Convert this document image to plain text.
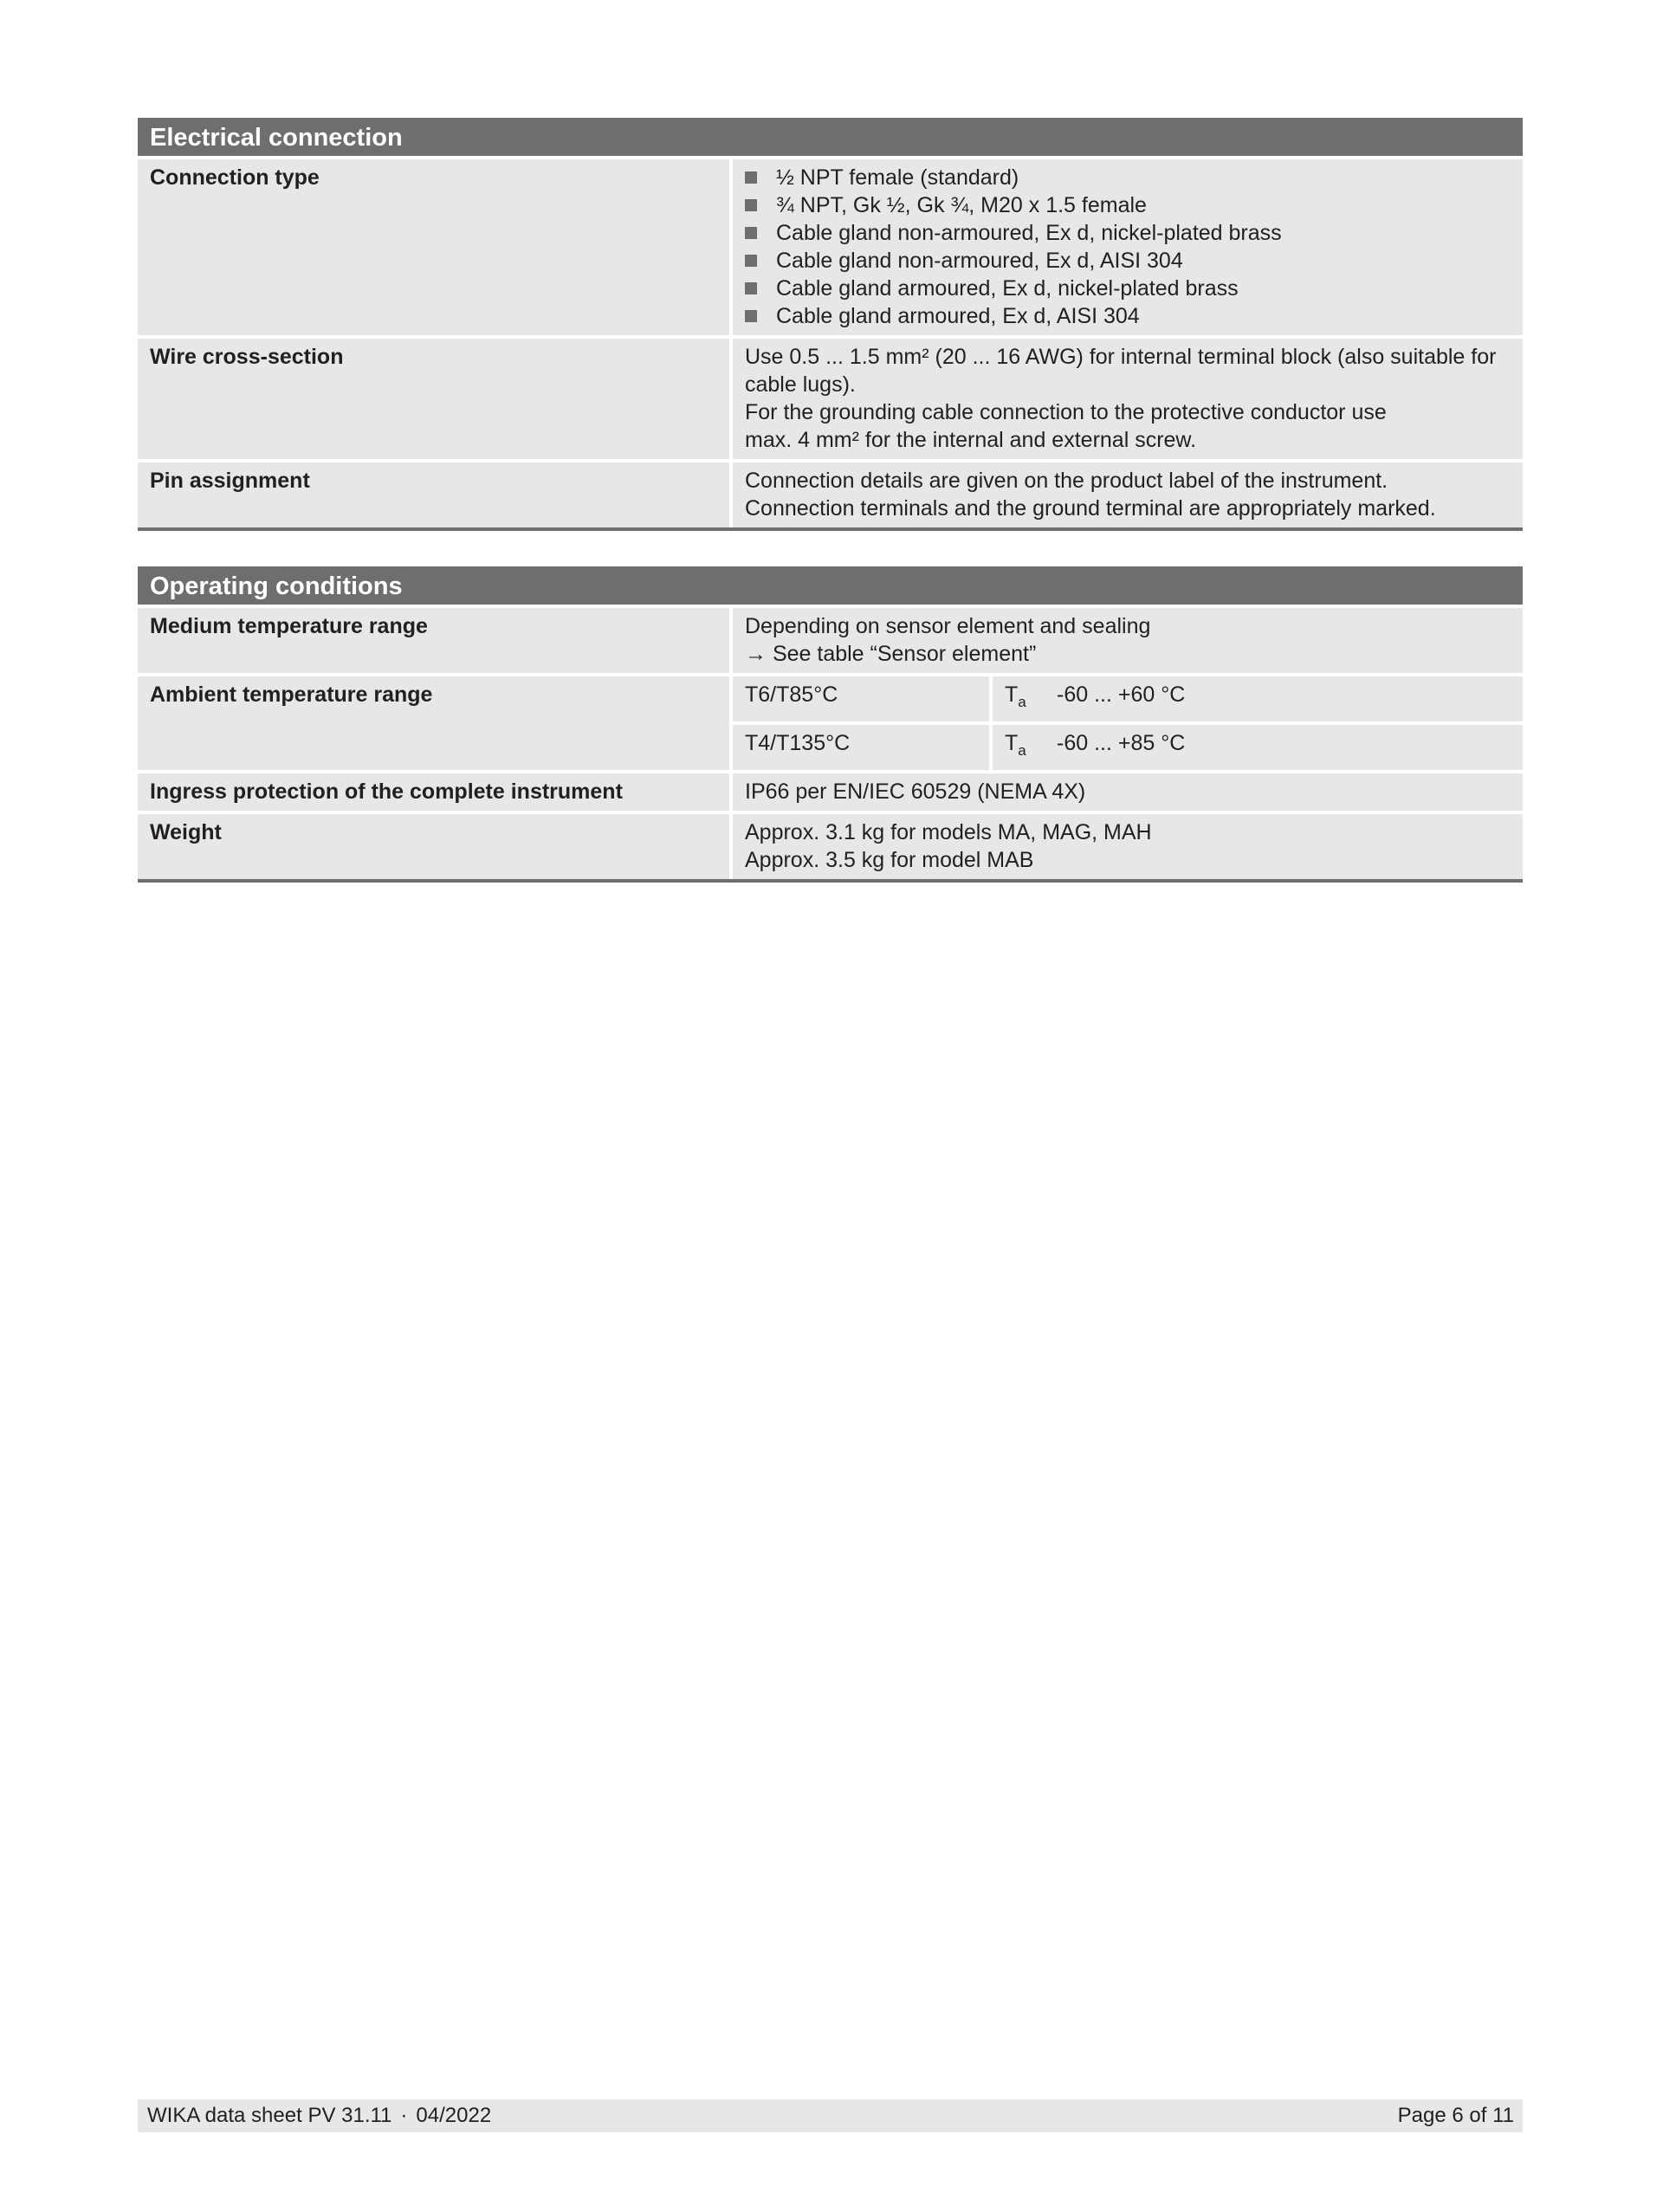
Electrical connection
Connection type	½ NPT female (standard)
¾ NPT, Gk ½, Gk ¾, M20 x 1.5 female
Cable gland non-armoured, Ex d, nickel-plated brass
Cable gland non-armoured, Ex d, AISI 304
Cable gland armoured, Ex d, nickel-plated brass
Cable gland armoured, Ex d, AISI 304
Wire cross-section	Use 0.5 ... 1.5 mm² (20 ... 16 AWG) for internal terminal block (also suitable for
cable lugs).
For the grounding cable connection to the protective conductor use
max. 4 mm² for the internal and external screw.
Pin assignment	Connection details are given on the product label of the instrument.
Connection terminals and the ground terminal are appropriately marked.
Operating conditions
Medium temperature range	Depending on sensor element and sealing
→ See table “Sensor element”
Ambient temperature range	T6/T85°C	$T_a$	-60 ... +60 °C
T4/T135°C	$T_a$	-60 ... +85 °C
Ingress protection of the complete instrument	IP66 per EN/IEC 60529 (NEMA 4X)
Weight	Approx. 3.1 kg for models MA, MAG, MAH
Approx. 3.5 kg for model MAB
WIKA data sheet PV 31.11 · 04/2022	Page 6 of 11
